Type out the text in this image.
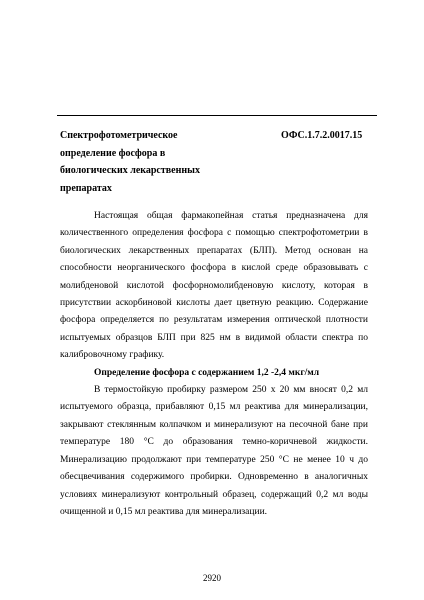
Спектрофотометрическое определение фосфора в биологических лекарственных препаратах
ОФС.1.7.2.0017.15

Настоящая общая фармакопейная статья предназначена для количественного определения фосфора с помощью спектрофотометрии в биологических лекарственных препаратах (БЛП). Метод основан на способности неорганического фосфора в кислой среде образовывать с молибденовой кислотой фосфорномолибденовую кислоту, которая в присутствии аскорбиновой кислоты дает цветную реакцию. Содержание фосфора определяется по результатам измерения оптической плотности испытуемых образцов БЛП при 825 нм в видимой области спектра по калибровочному графику.

Определение фосфора с содержанием 1,2 -2,4 мкг/мл

В термостойкую пробирку размером 250 х 20 мм вносят 0,2 мл испытуемого образца, прибавляют 0,15 мл реактива для минерализации, закрывают стеклянным колпачком и минерализуют на песочной бане при температуре 180 °С до образования темно-коричневой жидкости. Минерализацию продолжают при температуре 250 °С не менее 10 ч до обесцвечивания содержимого пробирки. Одновременно в аналогичных условиях минерализуют контрольный образец, содержащий 0,2 мл воды очищенной и 0,15 мл реактива для минерализации.

2920
